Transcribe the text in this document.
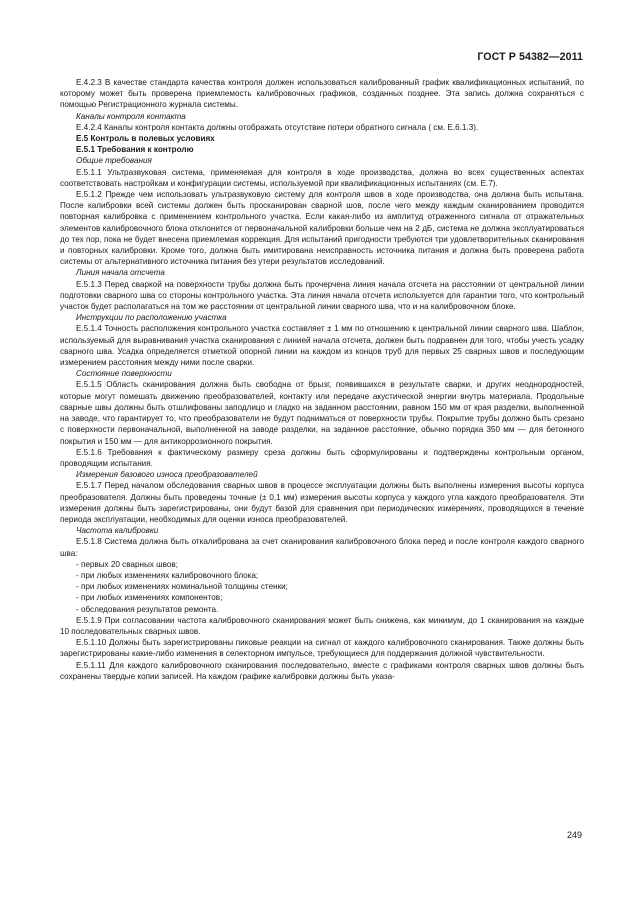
ГОСТ Р 54382—2011

E.4.2.3 В качестве стандарта качества контроля должен использоваться калиброванный график квалификационных испытаний, по которому может быть проверена приемлемость калибровочных графиков, созданных позднее. Эта запись должна сохраняться с помощью Регистрационного журнала системы.

Каналы контроля контакта

E.4.2.4 Каналы контроля контакта должны отображать отсутствие потери обратного сигнала ( см. E.6.1.3).

E.5 Контроль в полевых условиях

E.5.1 Требования к контролю

Общие требования

E.5.1.1 Ультразвуковая система, применяемая для контроля в ходе производства, должна во всех существенных аспектах соответствовать настройкам и конфигурации системы, используемой при квалификационных испытаниях (см. E.7).

E.5.1.2 Прежде чем использовать ультразвуковую систему для контроля швов в ходе производства, она должна быть испытана. После калибровки всей системы должен быть просканирован сварной шов, после чего между каждым сканированием проводится повторная калибровка с применением контрольного участка. Если какая-либо из амплитуд отраженного сигнала от отражательных элементов калибровочного блока отклонится от первоначальной калибровки больше чем на 2 дБ, система не должна эксплуатироваться до тех пор, пока не будет внесена приемлемая коррекция. Для испытаний пригодности требуются три удовлетворительных сканирования и повторных калибровки. Кроме того, должна быть имитирована неисправность источника питания и должна быть проверена работа системы от альтернативного источника питания без утери результатов исследований.

Линия начала отсчета

E.5.1.3 Перед сваркой на поверхности трубы должна быть прочерчена линия начала отсчета на расстоянии от центральной линии подготовки сварного шва со стороны контрольного участка. Эта линия начала отсчета используется для гарантии того, что контрольный участок будет располагаться на том же расстоянии от центральной линии сварного шва, что и на калибровочном блоке.

Инструкции по расположению участка

E.5.1.4 Точность расположения контрольного участка составляет ± 1 мм по отношению к центральной линии сварного шва. Шаблон, используемый для выравнивания участка сканирования с линией начала отсчета, должен быть подравнен для того, чтобы учесть усадку сварного шва. Усадка определяется отметкой опорной линии на каждом из концов труб для первых 25 сварных швов и последующим измерением расстояния между ними после сварки.

Состояние поверхности

E.5.1.5 Область сканирования должна быть свободна от брызг, появившихся в результате сварки, и других неоднородностей, которые могут помешать движению преобразователей, контакту или передаче акустической энергии внутрь материала. Продольные сварные швы должны быть отшлифованы заподлицо и гладко на заданном расстоянии, равном 150 мм от края разделки, выполненной на заводе, что гарантирует то, что преобразователи не будут подниматься от поверхности трубы. Покрытие трубы должно быть срезано с поверхности первоначальной, выполненной на заводе разделки, на заданное расстояние, обычно порядка 350 мм — для бетонного покрытия и 150 мм — для антикоррозионного покрытия.

E.5.1.6 Требования к фактическому размеру среза должны быть сформулированы и подтверждены контрольным органом, проводящим испытания.

Измерения базового износа преобразователей

E.5.1.7 Перед началом обследования сварных швов в процессе эксплуатации должны быть выполнены измерения высоты корпуса преобразователя. Должны быть проведены точные (± 0,1 мм) измерения высоты корпуса у каждого угла каждого преобразователя. Эти измерения должны быть зарегистрированы, они будут базой для сравнения при периодических измерениях, проводящихся в течение периода эксплуатации, необходимых для оценки износа преобразователей.

Частота калибровки

E.5.1.8 Система должна быть откалибрована за счет сканирования калибровочного блока перед и после контроля каждого сварного шва:

- первых 20 сварных швов;

- при любых изменениях калибровочного блока;

- при любых изменениях номинальной толщины стенки;

- при любых изменениях компонентов;

- обследования результатов ремонта.

E.5.1.9 При согласовании частота калибровочного сканирования может быть снижена, как минимум, до 1 сканирования на каждые 10 последовательных сварных швов.

E.5.1.10 Должны быть зарегистрированы пиковые реакции на сигнал от каждого калибровочного сканирования. Также должны быть зарегистрированы какие-либо изменения в селекторном импульсе, требующиеся для поддержания должной чувствительности.

E.5.1.11 Для каждого калибровочного сканирования последовательно, вместе с графиками контроля сварных швов должны быть сохранены твердые копии записей. На каждом графике калибровки должны быть указа-

249
